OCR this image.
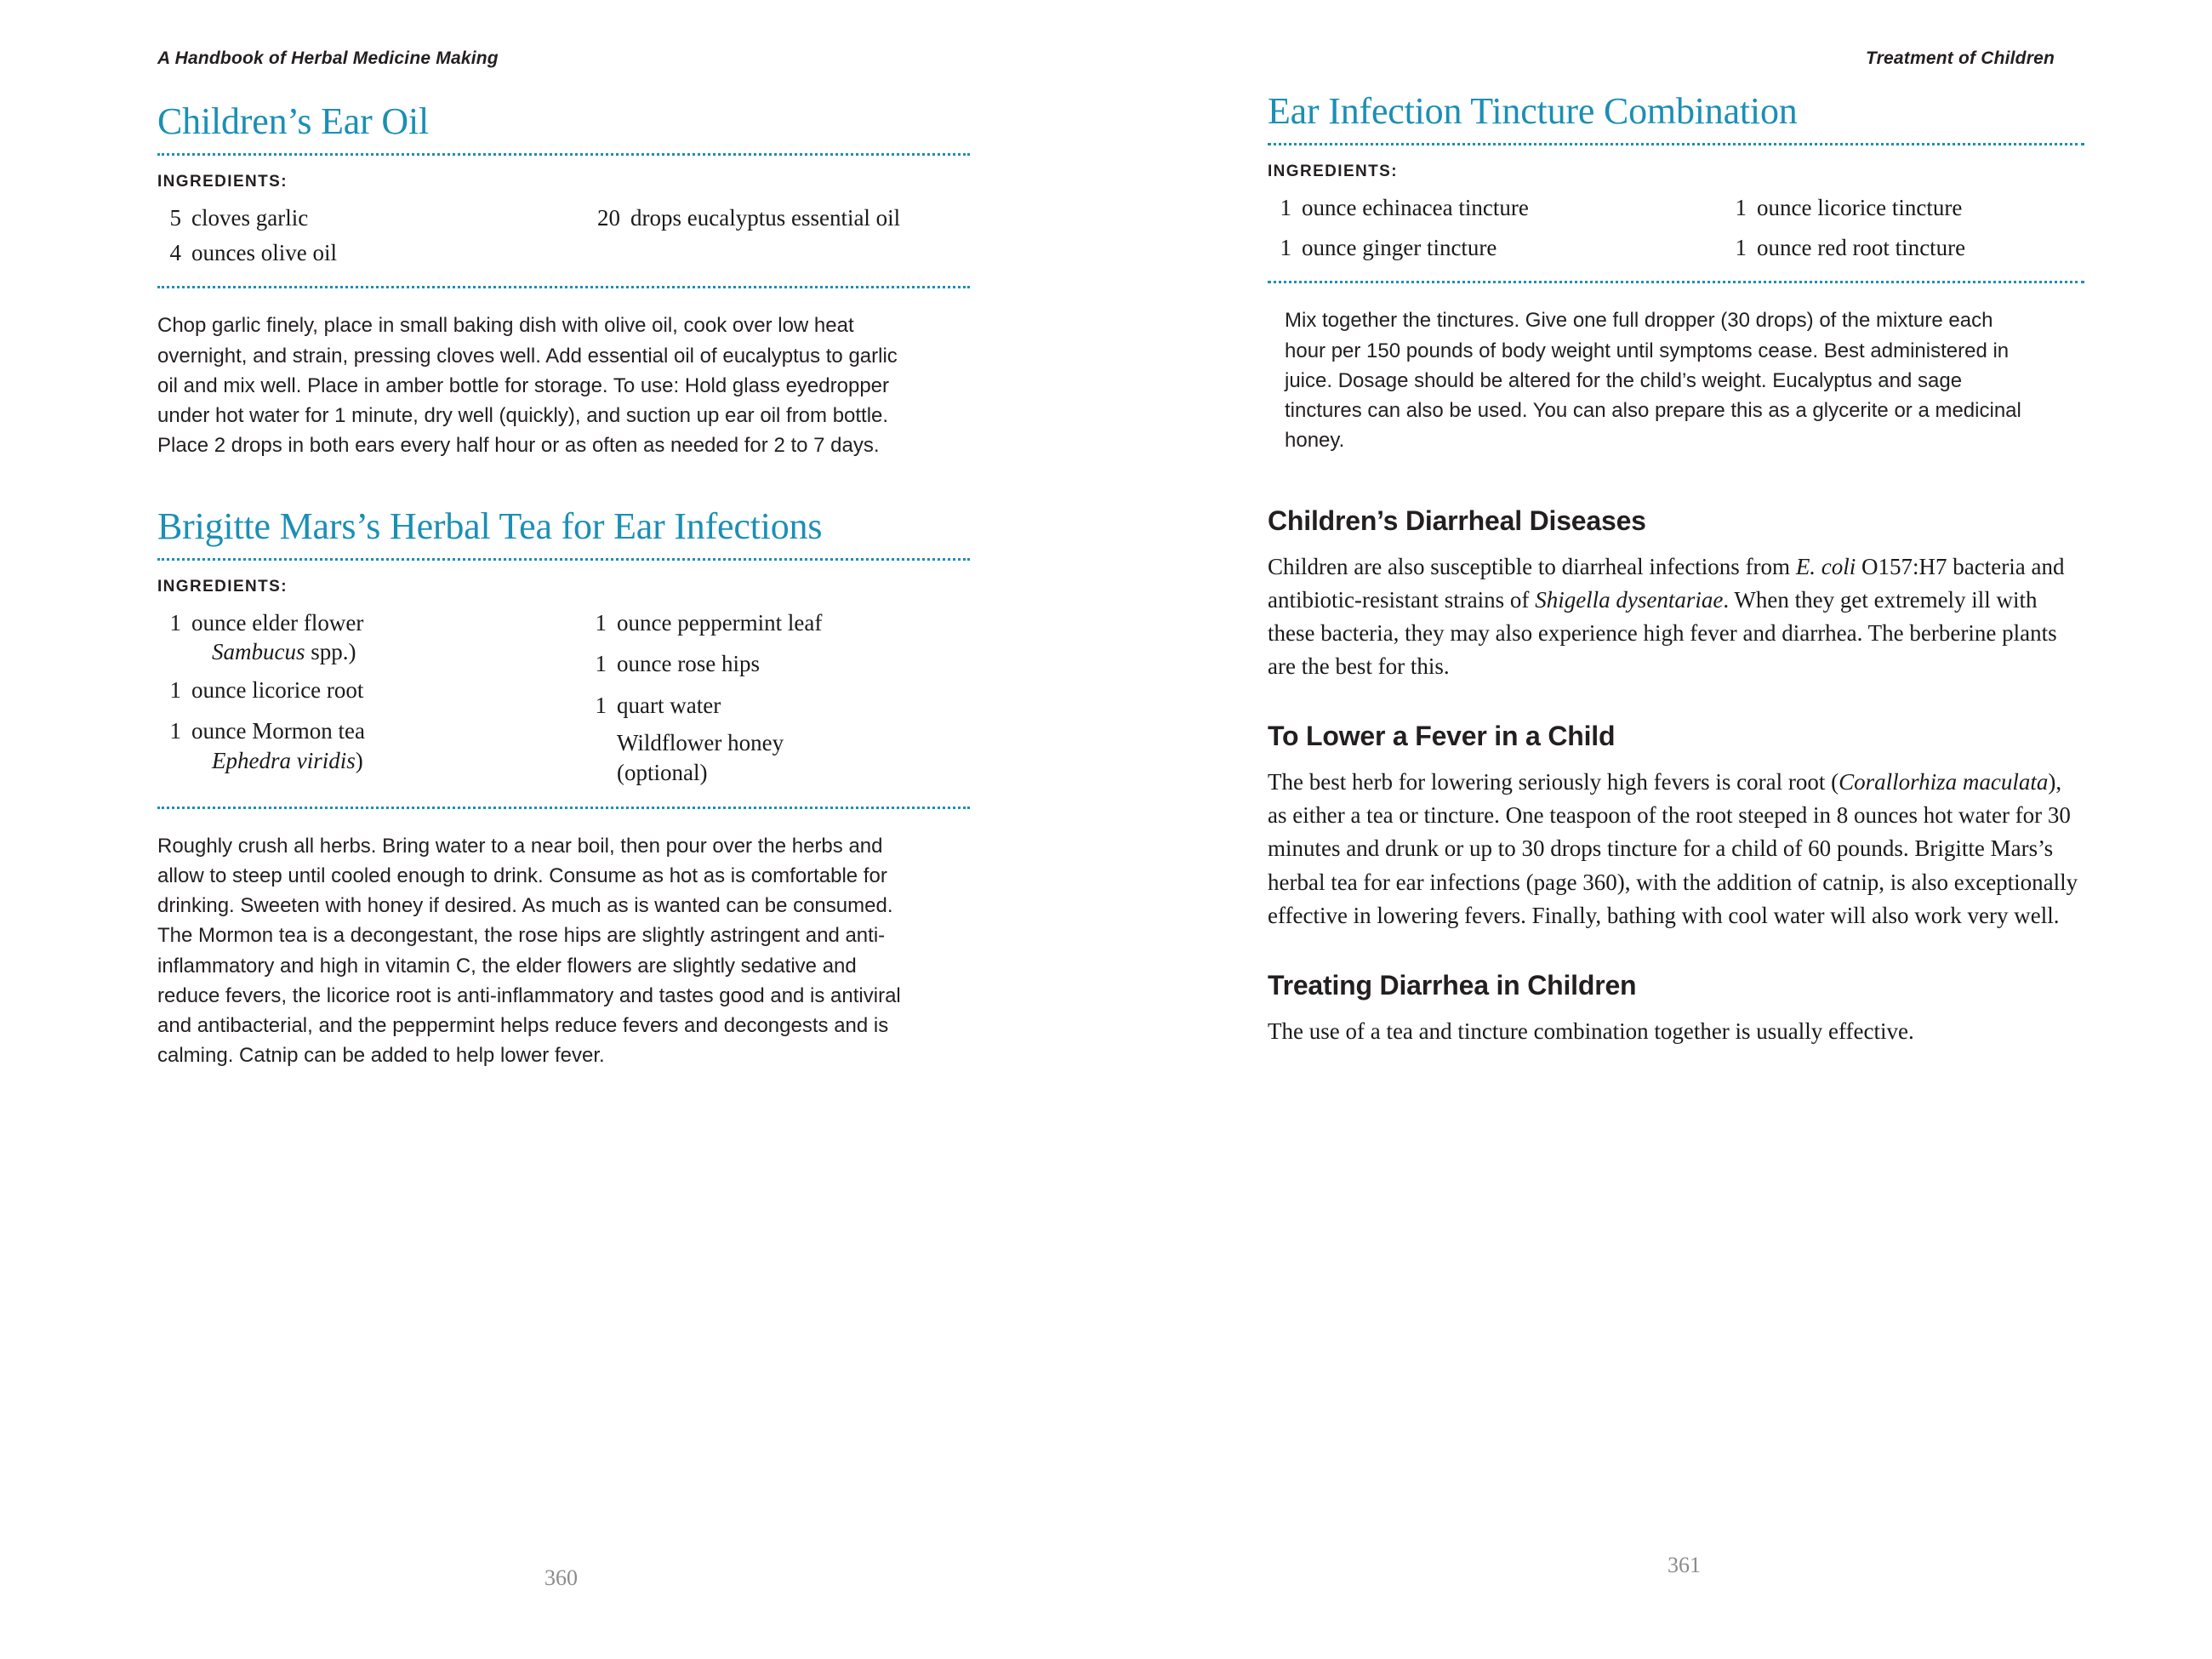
A Handbook of Herbal Medicine Making
Children’s Ear Oil
INGREDIENTS:
5 cloves garlic
4 ounces olive oil
20 drops eucalyptus essential oil
Chop garlic finely, place in small baking dish with olive oil, cook over low heat overnight, and strain, pressing cloves well. Add essential oil of eucalyptus to garlic oil and mix well. Place in amber bottle for storage. To use: Hold glass eyedropper under hot water for 1 minute, dry well (quickly), and suction up ear oil from bottle. Place 2 drops in both ears every half hour or as often as needed for 2 to 7 days.
Brigitte Mars’s Herbal Tea for Ear Infections
INGREDIENTS:
1 ounce elder flower
Sambucus spp.)
1 ounce licorice root
1 ounce Mormon tea
Ephedra viridis)
1 ounce peppermint leaf
1 ounce rose hips
1 quart water
Wildflower honey (optional)
Roughly crush all herbs. Bring water to a near boil, then pour over the herbs and allow to steep until cooled enough to drink. Consume as hot as is comfortable for drinking. Sweeten with honey if desired. As much as is wanted can be consumed. The Mormon tea is a decongestant, the rose hips are slightly astringent and anti-inflammatory and high in vitamin C, the elder flowers are slightly sedative and reduce fevers, the licorice root is anti-inflammatory and tastes good and is antiviral and antibacterial, and the peppermint helps reduce fevers and decongests and is calming. Catnip can be added to help lower fever.
360
Treatment of Children
Ear Infection Tincture Combination
INGREDIENTS:
1 ounce echinacea tincture
1 ounce ginger tincture
1 ounce licorice tincture
1 ounce red root tincture
Mix together the tinctures. Give one full dropper (30 drops) of the mixture each hour per 150 pounds of body weight until symptoms cease. Best administered in juice. Dosage should be altered for the child’s weight. Eucalyptus and sage tinctures can also be used. You can also prepare this as a glycerite or a medicinal honey.
Children’s Diarrheal Diseases
Children are also susceptible to diarrheal infections from E. coli O157:H7 bacteria and antibiotic-resistant strains of Shigella dysentariae. When they get extremely ill with these bacteria, they may also experience high fever and diarrhea. The berberine plants are the best for this.
To Lower a Fever in a Child
The best herb for lowering seriously high fevers is coral root (Corallorhiza maculata), as either a tea or tincture. One teaspoon of the root steeped in 8 ounces hot water for 30 minutes and drunk or up to 30 drops tincture for a child of 60 pounds. Brigitte Mars’s herbal tea for ear infections (page 360), with the addition of catnip, is also exceptionally effective in lowering fevers. Finally, bathing with cool water will also work very well.
Treating Diarrhea in Children
The use of a tea and tincture combination together is usually effective.
361
